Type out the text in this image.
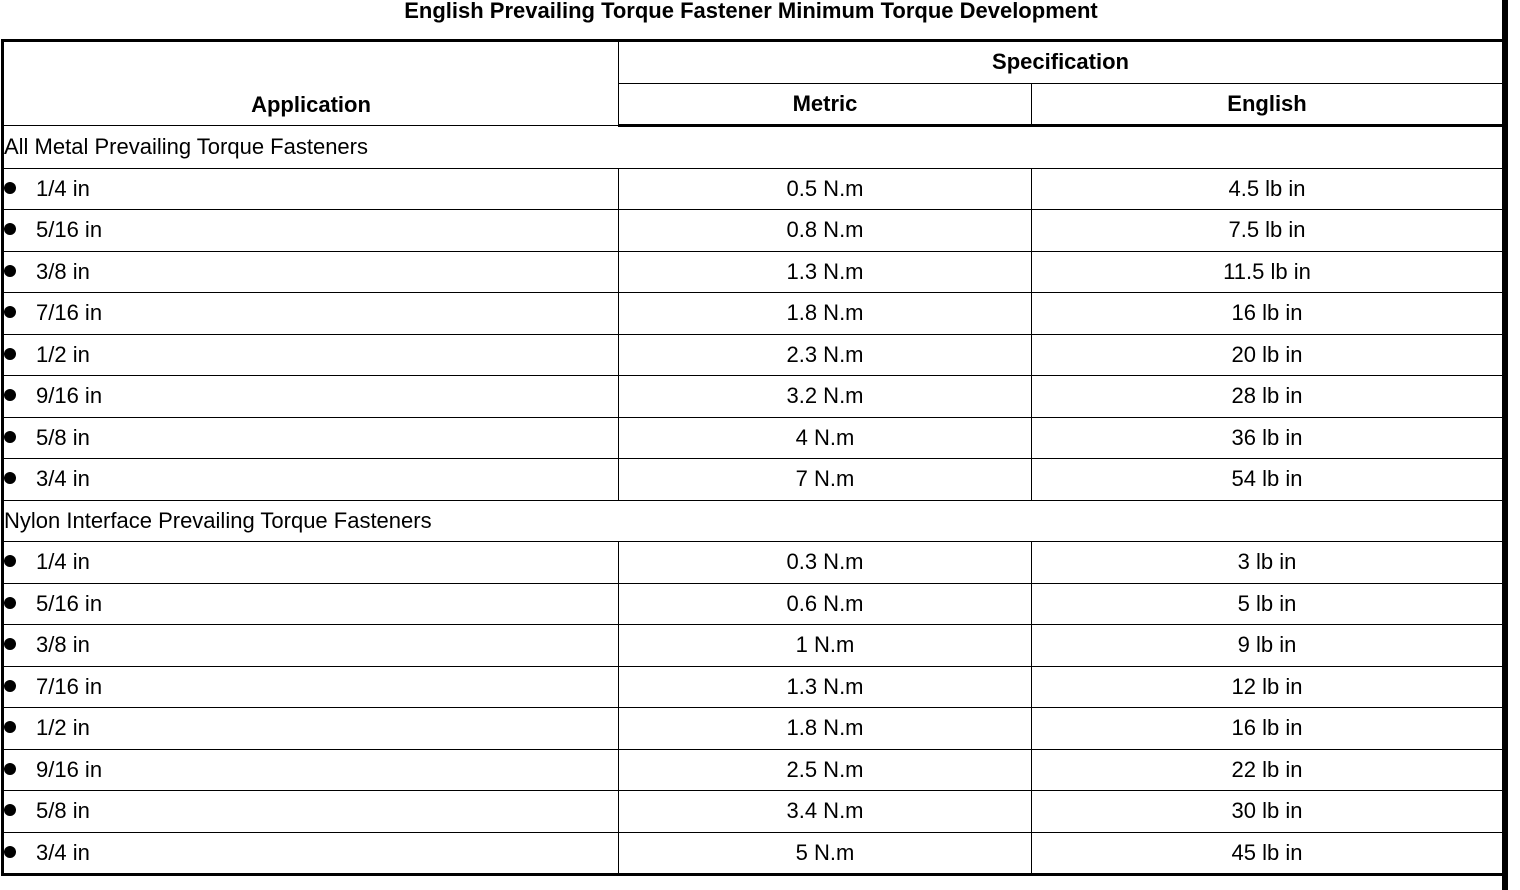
English Prevailing Torque Fastener Minimum Torque Development
Application	Specification	
	Metric	English
All Metal Prevailing Torque Fasteners		
1/4 in	0.5 N.m	4.5 lb in
5/16 in	0.8 N.m	7.5 lb in
3/8 in	1.3 N.m	11.5 lb in
7/16 in	1.8 N.m	16 lb in
1/2 in	2.3 N.m	20 lb in
9/16 in	3.2 N.m	28 lb in
5/8 in	4 N.m	36 lb in
3/4 in	7 N.m	54 lb in
Nylon Interface Prevailing Torque Fasteners		
1/4 in	0.3 N.m	3 lb in
5/16 in	0.6 N.m	5 lb in
3/8 in	1 N.m	9 lb in
7/16 in	1.3 N.m	12 lb in
1/2 in	1.8 N.m	16 lb in
9/16 in	2.5 N.m	22 lb in
5/8 in	3.4 N.m	30 lb in
3/4 in	5 N.m	45 lb in
